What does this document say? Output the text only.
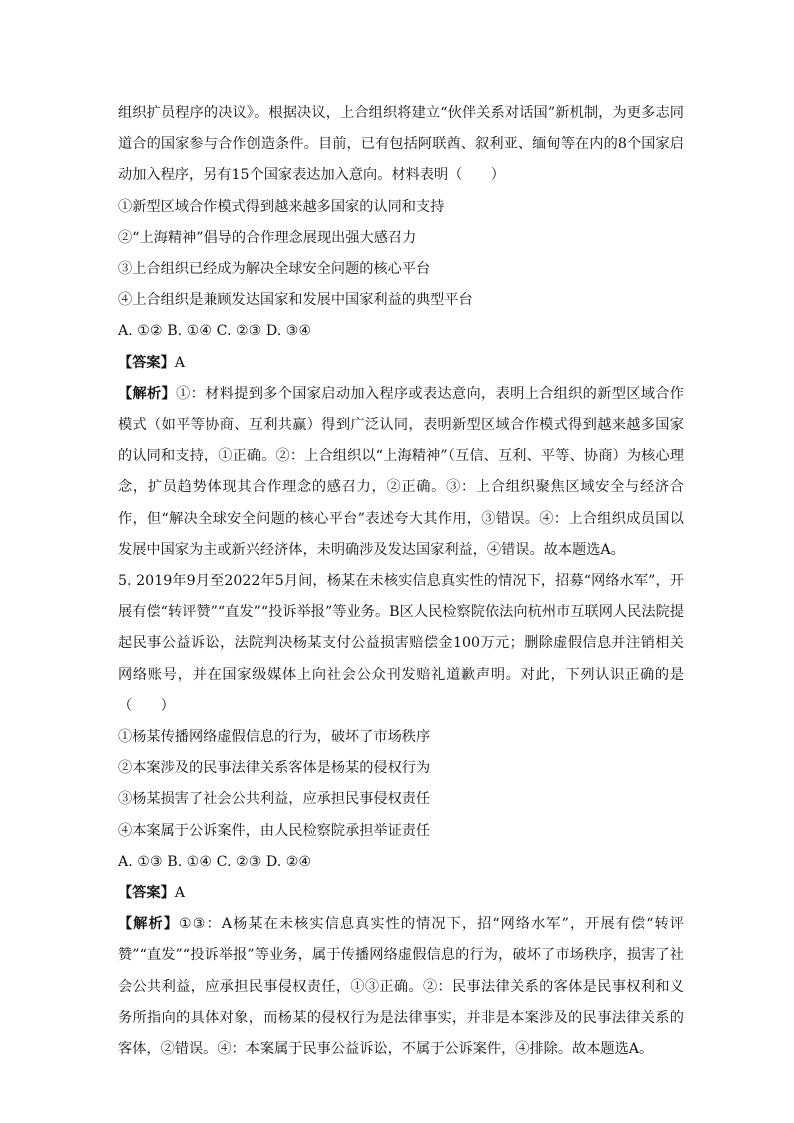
组织扩员程序的决议》。根据决议，上合组织将建立“伙伴关系对话国”新机制，为更多志同道合的国家参与合作创造条件。目前，已有包括阿联酋、叙利亚、缅甸等在内的8个国家启动加入程序，另有15个国家表达加入意向。材料表明（　　）
①新型区域合作模式得到越来越多国家的认同和支持
②“上海精神”倡导的合作理念展现出强大感召力
③上合组织已经成为解决全球安全问题的核心平台
④上合组织是兼顾发达国家和发展中国家利益的典型平台
A. ①② B. ①④ C. ②③ D. ③④
【答案】A
【解析】①：材料提到多个国家启动加入程序或表达意向，表明上合组织的新型区域合作模式（如平等协商、互利共赢）得到广泛认同，表明新型区域合作模式得到越来越多国家的认同和支持，①正确。②：上合组织以“上海精神”（互信、互利、平等、协商）为核心理念，扩员趋势体现其合作理念的感召力，②正确。③：上合组织聚焦区域安全与经济合作，但“解决全球安全问题的核心平台”表述夸大其作用，③错误。④：上合组织成员国以发展中国家为主或新兴经济体，未明确涉及发达国家利益，④错误。故本题选A。
5. 2019年9月至2022年5月间，杨某在未核实信息真实性的情况下，招募“网络水军”，开展有偿“转评赞”“直发”“投诉举报”等业务。B区人民检察院依法向杭州市互联网人民法院提起民事公益诉讼，法院判决杨某支付公益损害赔偿金100万元；删除虚假信息并注销相关网络账号，并在国家级媒体上向社会公众刊发赔礼道歉声明。对此，下列认识正确的是（　　）
①杨某传播网络虚假信息的行为，破坏了市场秩序
②本案涉及的民事法律关系客体是杨某的侵权行为
③杨某损害了社会公共利益，应承担民事侵权责任
④本案属于公诉案件，由人民检察院承担举证责任
A. ①③ B. ①④ C. ②③ D. ②④
【答案】A
【解析】①③：A杨某在未核实信息真实性的情况下，招“网络水军”，开展有偿“转评赞”“直发”“投诉举报”等业务，属于传播网络虚假信息的行为，破坏了市场秩序，损害了社会公共利益，应承担民事侵权责任，①③正确。②：民事法律关系的客体是民事权利和义务所指向的具体对象，而杨某的侵权行为是法律事实，并非是本案涉及的民事法律关系的客体，②错误。④：本案属于民事公益诉讼，不属于公诉案件，④排除。故本题选A。
